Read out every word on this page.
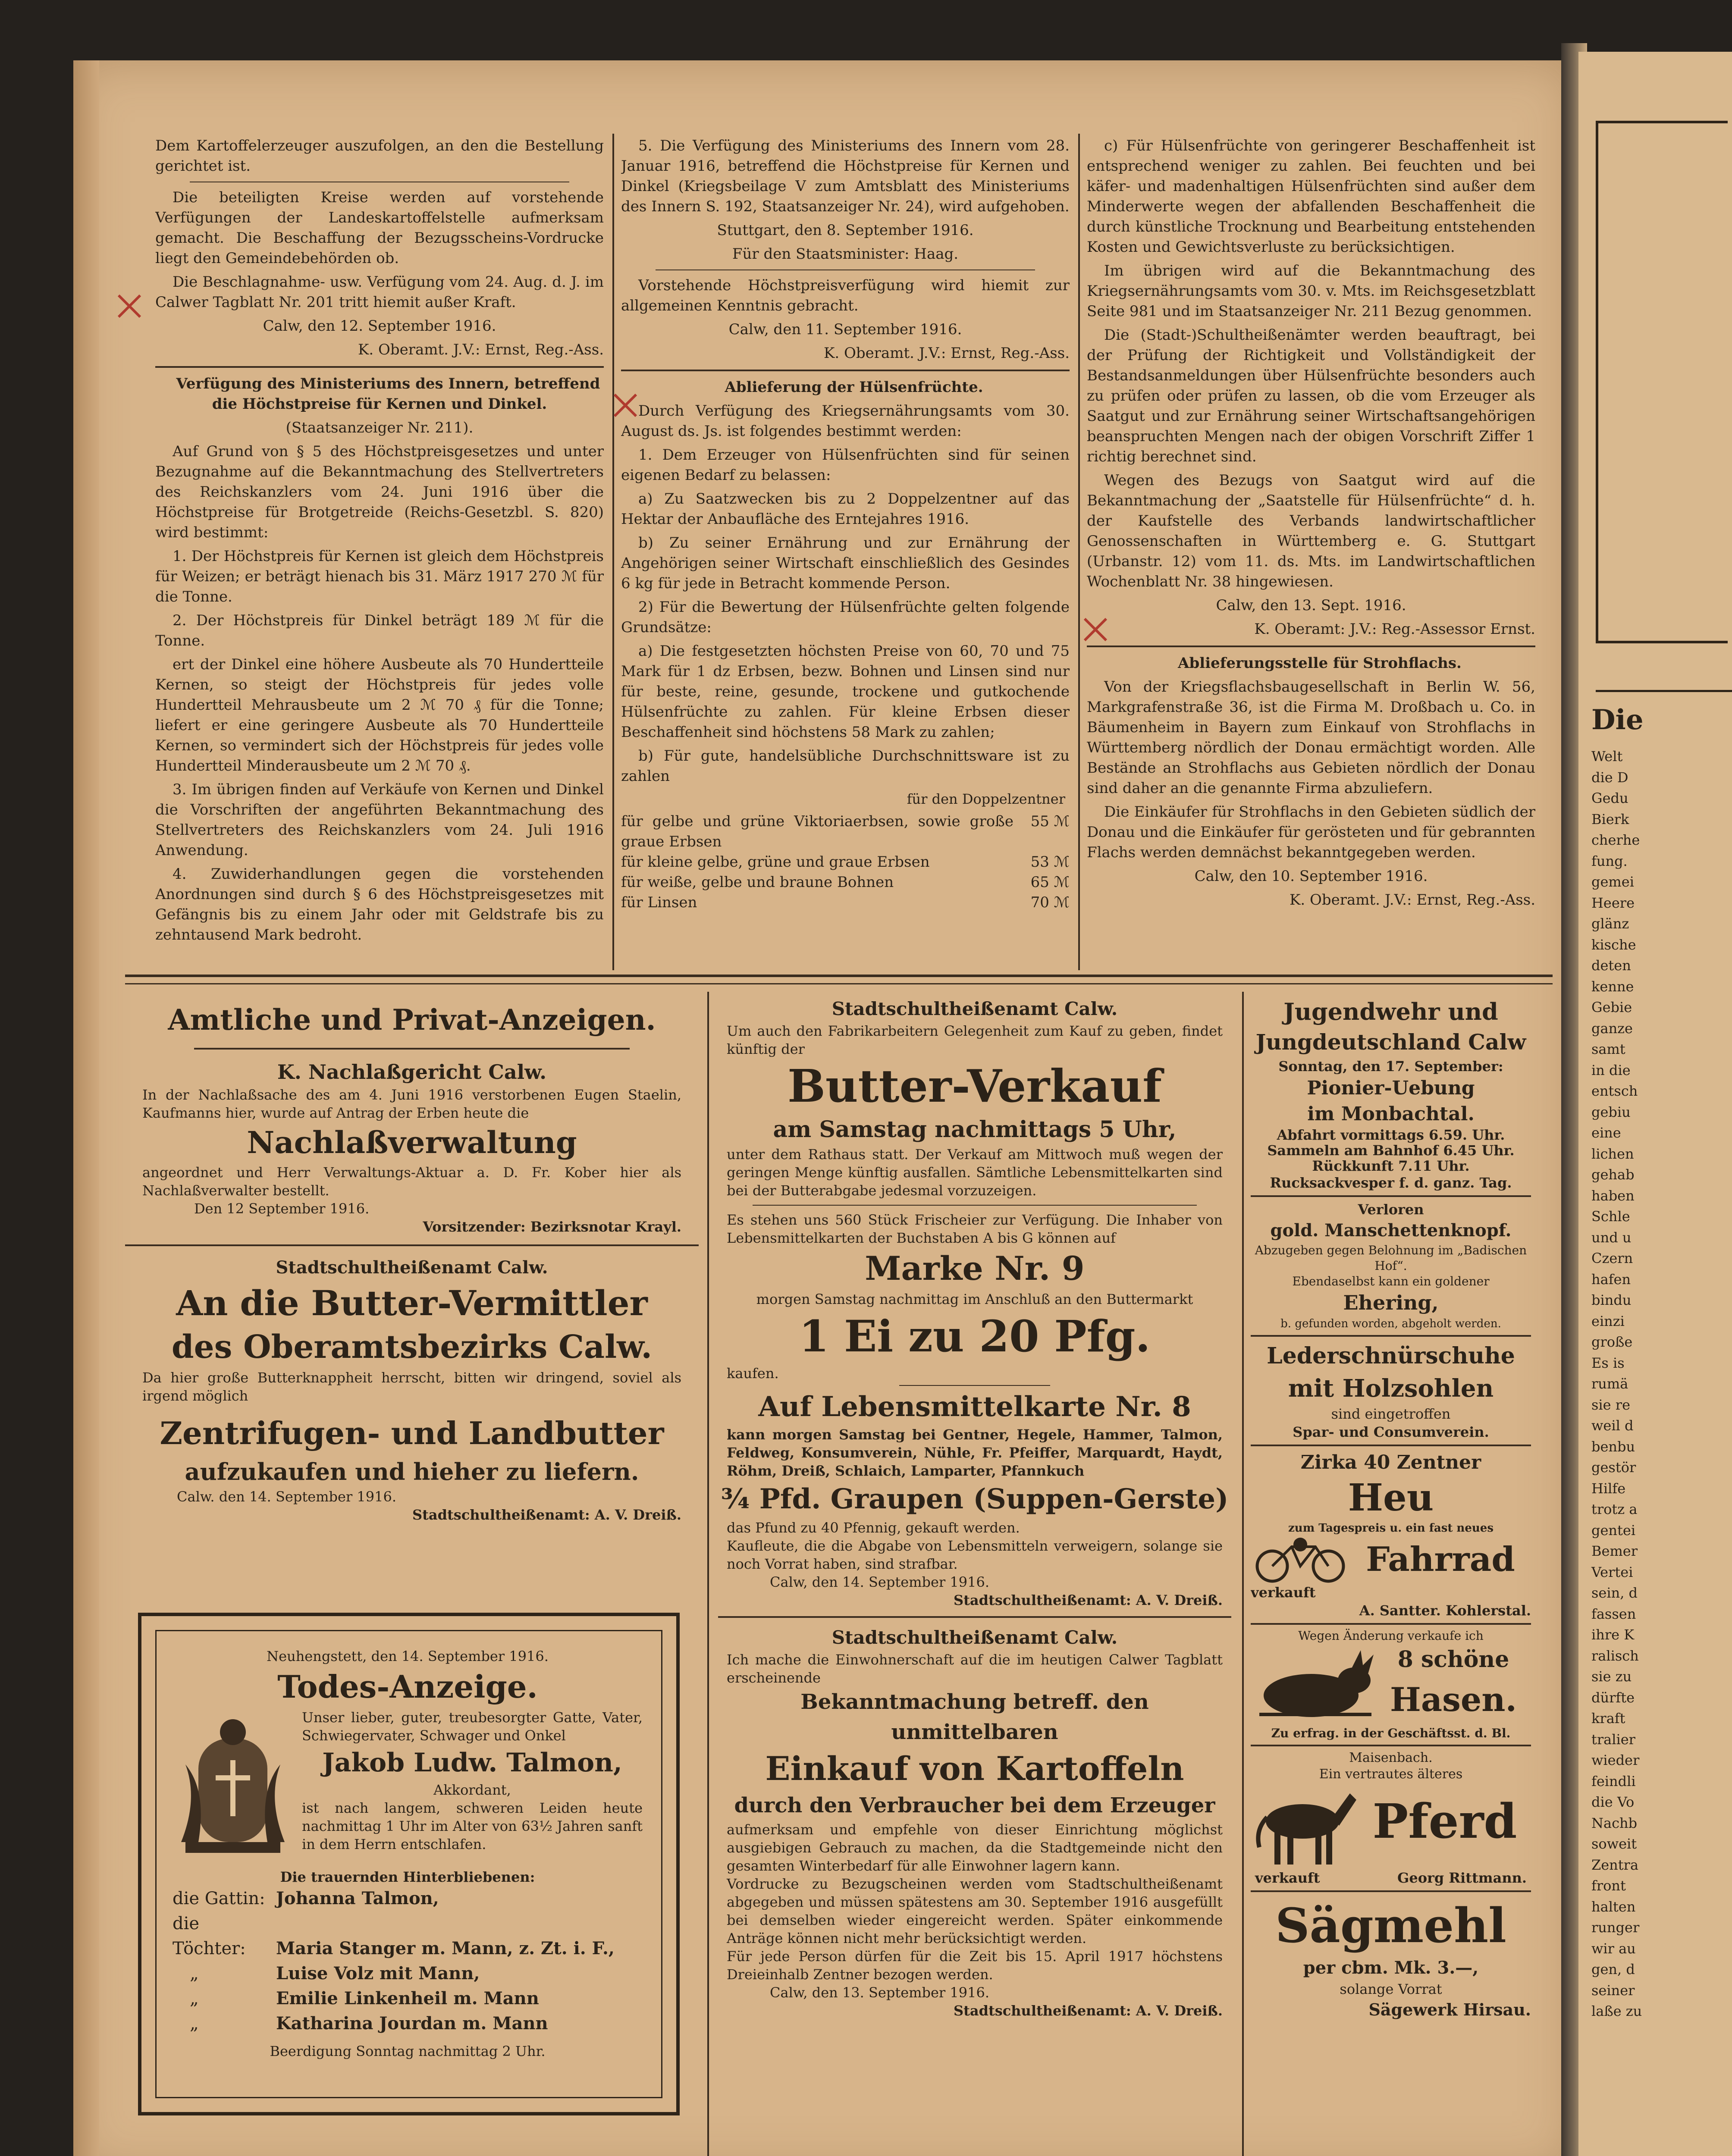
Dem Kartoffelerzeuger auszufolgen, an den die Bestellung gerichtet ist.

Die beteiligten Kreise werden auf vorstehende Verfügungen der Landeskartoffelstelle aufmerksam gemacht. Die Beschaffung der Bezugsscheins-Vordrucke liegt den Gemeindebehörden ob.

Die Beschlagnahme- usw. Verfügung vom 24. Aug. d. J. im Calwer Tagblatt Nr. 201 tritt hiemit außer Kraft.

Calw, den 12. September 1916.

K. Oberamt. J.V.: Ernst, Reg.-Ass.

Verfügung des Ministeriums des Innern, betreffend die Höchstpreise für Kernen und Dinkel.

(Staatsanzeiger Nr. 211).

Auf Grund von § 5 des Höchstpreisgesetzes und unter Bezugnahme auf die Bekanntmachung des Stellvertreters des Reichskanzlers vom 24. Juni 1916 über die Höchstpreise für Brotgetreide (Reichs-Gesetzbl. S. 820) wird bestimmt:

1. Der Höchstpreis für Kernen ist gleich dem Höchstpreis für Weizen; er beträgt hienach bis 31. März 1917 270 ℳ für die Tonne.

2. Der Höchstpreis für Dinkel beträgt 189 ℳ für die Tonne.

ert der Dinkel eine höhere Ausbeute als 70 Hundertteile Kernen, so steigt der Höchstpreis für jedes volle Hundertteil Mehrausbeute um 2 ℳ 70 ₰ für die Tonne; liefert er eine geringere Ausbeute als 70 Hundertteile Kernen, so vermindert sich der Höchstpreis für jedes volle Hundertteil Minderausbeute um 2 ℳ 70 ₰.

3. Im übrigen finden auf Verkäufe von Kernen und Dinkel die Vorschriften der angeführten Bekanntmachung des Stellvertreters des Reichskanzlers vom 24. Juli 1916 Anwendung.

4. Zuwiderhandlungen gegen die vorstehenden Anordnungen sind durch § 6 des Höchstpreisgesetzes mit Gefängnis bis zu einem Jahr oder mit Geldstrafe bis zu zehntausend Mark bedroht.

5. Die Verfügung des Ministeriums des Innern vom 28. Januar 1916, betreffend die Höchstpreise für Kernen und Dinkel (Kriegsbeilage V zum Amtsblatt des Ministeriums des Innern S. 192, Staatsanzeiger Nr. 24), wird aufgehoben.

Stuttgart, den 8. September 1916.

Für den Staatsminister: Haag.

Vorstehende Höchstpreisverfügung wird hiemit zur allgemeinen Kenntnis gebracht.

Calw, den 11. September 1916.

K. Oberamt. J.V.: Ernst, Reg.-Ass.

Ablieferung der Hülsenfrüchte.

Durch Verfügung des Kriegsernährungsamts vom 30. August ds. Js. ist folgendes bestimmt werden:

1. Dem Erzeuger von Hülsenfrüchten sind für seinen eigenen Bedarf zu belassen:

a) Zu Saatzwecken bis zu 2 Doppelzentner auf das Hektar der Anbaufläche des Erntejahres 1916.

b) Zu seiner Ernährung und zur Ernährung der Angehörigen seiner Wirtschaft einschließlich des Gesindes 6 kg für jede in Betracht kommende Person.

2) Für die Bewertung der Hülsenfrüchte gelten folgende Grundsätze:

a) Die festgesetzten höchsten Preise von 60, 70 und 75 Mark für 1 dz Erbsen, bezw. Bohnen und Linsen sind nur für beste, reine, gesunde, trockene und gutkochende Hülsenfrüchte zu zahlen. Für kleine Erbsen dieser Beschaffenheit sind höchstens 58 Mark zu zahlen;

b) Für gute, handelsübliche Durchschnittsware ist zu zahlen

für den Doppelzentner

für gelbe und grüne Viktoriaerbsen, sowie große graue Erbsen	55 ℳ
für kleine gelbe, grüne und graue Erbsen	53 ℳ
für weiße, gelbe und braune Bohnen	65 ℳ
für Linsen	70 ℳ

c) Für Hülsenfrüchte von geringerer Beschaffenheit ist entsprechend weniger zu zahlen. Bei feuchten und bei käfer- und madenhaltigen Hülsenfrüchten sind außer dem Minderwerte wegen der abfallenden Beschaffenheit die durch künstliche Trocknung und Bearbeitung entstehenden Kosten und Gewichtsverluste zu berücksichtigen.

Im übrigen wird auf die Bekanntmachung des Kriegsernährungsamts vom 30. v. Mts. im Reichsgesetzblatt Seite 981 und im Staatsanzeiger Nr. 211 Bezug genommen.

Die (Stadt-)Schultheißenämter werden beauftragt, bei der Prüfung der Richtigkeit und Vollständigkeit der Bestandsanmeldungen über Hülsenfrüchte besonders auch zu prüfen oder prüfen zu lassen, ob die vom Erzeuger als Saatgut und zur Ernährung seiner Wirtschaftsangehörigen beanspruchten Mengen nach der obigen Vorschrift Ziffer 1 richtig berechnet sind.

Wegen des Bezugs von Saatgut wird auf die Bekanntmachung der „Saatstelle für Hülsenfrüchte“ d. h. der Kaufstelle des Verbands landwirtschaftlicher Genossenschaften in Württemberg e. G. Stuttgart (Urbanstr. 12) vom 11. ds. Mts. im Landwirtschaftlichen Wochenblatt Nr. 38 hingewiesen.

Calw, den 13. Sept. 1916.

K. Oberamt: J.V.: Reg.-Assessor Ernst.

Ablieferungsstelle für Strohflachs.

Von der Kriegsflachsbaugesellschaft in Berlin W. 56, Markgrafenstraße 36, ist die Firma M. Droßbach u. Co. in Bäumenheim in Bayern zum Einkauf von Strohflachs in Württemberg nördlich der Donau ermächtigt worden. Alle Bestände an Strohflachs aus Gebieten nördlich der Donau sind daher an die genannte Firma abzuliefern.

Die Einkäufer für Strohflachs in den Gebieten südlich der Donau und die Einkäufer für gerösteten und für gebrannten Flachs werden demnächst bekanntgegeben werden.

Calw, den 10. September 1916.

K. Oberamt. J.V.: Ernst, Reg.-Ass.

Amtliche und Privat-Anzeigen.

K. Nachlaßgericht Calw.

In der Nachlaßsache des am 4. Juni 1916 verstorbenen Eugen Staelin, Kaufmanns hier, wurde auf Antrag der Erben heute die

Nachlaßverwaltung

angeordnet und Herr Verwaltungs-Aktuar a. D. Fr. Kober hier als Nachlaßverwalter bestellt.

Den 12 September 1916.

Vorsitzender: Bezirksnotar Krayl.

Stadtschultheißenamt Calw.

An die Butter-Vermittler

des Oberamtsbezirks Calw.

Da hier große Butterknappheit herrscht, bitten wir dringend, soviel als irgend möglich

Zentrifugen- und Landbutter

aufzukaufen und hieher zu liefern.

Calw. den 14. September 1916.

Stadtschultheißenamt: A. V. Dreiß.

Neuhengstett, den 14. September 1916.

Todes-Anzeige.

Unser lieber, guter, treubesorgter Gatte, Vater, Schwiegervater, Schwager und Onkel

Jakob Ludw. Talmon,

Akkordant,

ist nach langem, schweren Leiden heute nachmittag 1 Uhr im Alter von 63½ Jahren sanft in dem Herrn entschlafen.

Die trauernden Hinterbliebenen:

die Gattin: Johanna Talmon,
die Töchter: Maria Stanger m. Mann, z. Zt. i. F.,
„	Luise Volz mit Mann,
„	Emilie Linkenheil m. Mann
„	Katharina Jourdan m. Mann

Beerdigung Sonntag nachmittag 2 Uhr.

Stadtschultheißenamt Calw.

Um auch den Fabrikarbeitern Gelegenheit zum Kauf zu geben, findet künftig der

Butter-Verkauf

am Samstag nachmittags 5 Uhr,

unter dem Rathaus statt. Der Verkauf am Mittwoch muß wegen der geringen Menge künftig ausfallen. Sämtliche Lebensmittelkarten sind bei der Butterabgabe jedesmal vorzuzeigen.

Es stehen uns 560 Stück Frischeier zur Verfügung. Die Inhaber von Lebensmittelkarten der Buchstaben A bis G können auf

Marke Nr. 9

morgen Samstag nachmittag im Anschluß an den Buttermarkt

1 Ei zu 20 Pfg.

kaufen.

Auf Lebensmittelkarte Nr. 8

kann morgen Samstag bei Gentner, Hegele, Hammer, Talmon, Feldweg, Konsumverein, Nühle, Fr. Pfeiffer, Marquardt, Haydt, Röhm, Dreiß, Schlaich, Lamparter, Pfannkuch

¾ Pfd. Graupen (Suppen-Gerste)

das Pfund zu 40 Pfennig, gekauft werden.

Kaufleute, die die Abgabe von Lebensmitteln verweigern, solange sie noch Vorrat haben, sind strafbar.

Calw, den 14. September 1916.

Stadtschultheißenamt: A. V. Dreiß.

Stadtschultheißenamt Calw.

Ich mache die Einwohnerschaft auf die im heutigen Calwer Tagblatt erscheinende

Bekanntmachung betreff. den unmittelbaren

Einkauf von Kartoffeln

durch den Verbraucher bei dem Erzeuger

aufmerksam und empfehle von dieser Einrichtung möglichst ausgiebigen Gebrauch zu machen, da die Stadtgemeinde nicht den gesamten Winterbedarf für alle Einwohner lagern kann.

Vordrucke zu Bezugscheinen werden vom Stadtschultheißenamt abgegeben und müssen spätestens am 30. September 1916 ausgefüllt bei demselben wieder eingereicht werden. Später einkommende Anträge können nicht mehr berücksichtigt werden.

Für jede Person dürfen für die Zeit bis 15. April 1917 höchstens Dreieinhalb Zentner bezogen werden.

Calw, den 13. September 1916.

Stadtschultheißenamt: A. V. Dreiß.

Jugendwehr und

Jungdeutschland Calw

Sonntag, den 17. September:

Pionier-Uebung

im Monbachtal.

Abfahrt vormittags 6.59. Uhr.

Sammeln am Bahnhof 6.45 Uhr.

Rückkunft 7.11 Uhr.

Rucksackvesper f. d. ganz. Tag.

Verloren

gold. Manschettenknopf.

Abzugeben gegen Belohnung im „Badischen Hof“.

Ebendaselbst kann ein goldener

Ehering,

b. gefunden worden, abgeholt werden.

Lederschnürschuhe

mit Holzsohlen

sind eingetroffen

Spar- und Consumverein.

Zirka 40 Zentner

Heu

zum Tagespreis u. ein fast neues

Fahrrad

verkauft

A. Santter. Kohlerstal.

Wegen Änderung verkaufe ich

8 schöne

Hasen.

Zu erfrag. in der Geschäftsst. d. Bl.

Maisenbach.

Ein vertrautes älteres

Pferd

verkauft	Georg Rittmann.

Sägmehl

per cbm. Mk. 3.—,

solange Vorrat

Sägewerk Hirsau.

Die

Welt
die D
Gedu
Bierk
cherhe
fung.
gemei
Heere
glänz
kische
deten
kenne
Gebie
ganze
samt
in die
entsch
gebiu
eine
lichen
gehab
haben
Schle
und u
Czern
hafen
bindu
einzi
große
Es is
rumä
sie re
weil d
benbu
gestör
Hilfe
trotz a
gentei
Bemer
Vertei
sein, d
fassen
ihre K
ralisch
sie zu
dürfte
kraft
tralier
wieder
feindli
die Vo
Nachb
soweit
Zentra
front
halten
runger
wir au
gen, d
seiner
laße zu
